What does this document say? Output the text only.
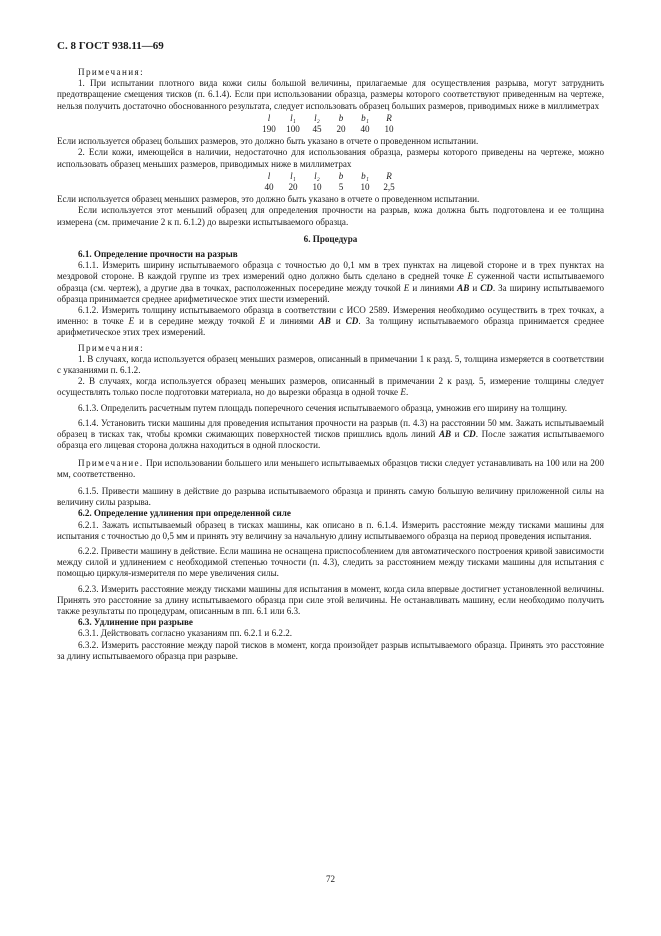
С. 8 ГОСТ 938.11—69

Примечания:

1. При испытании плотного вида кожи силы большой величины, прилагаемые для осуществления разрыва, могут затруднить предотвращение смещения тисков (п. 6.1.4). Если при использовании образца, размеры которого соответствуют приведенным на чертеже, нельзя получить достаточно обоснованного результата, следует использовать образец больших размеров, приводимых ниже в миллиметрах

l	l₁	l₂	b	b₁	R
190	100	45	20	40	10

Если используется образец больших размеров, это должно быть указано в отчете о проведенном испытании.

2. Если кожи, имеющейся в наличии, недостаточно для использования образца, размеры которого приведены на чертеже, можно использовать образец меньших размеров, приводимых ниже в миллиметрах

l	l₁	l₂	b	b₁	R
40	20	10	5	10	2,5

Если используется образец меньших размеров, это должно быть указано в отчете о проведенном испытании.

Если используется этот меньший образец для определения прочности на разрыв, кожа должна быть подготовлена и ее толщина измерена (см. примечание 2 к п. 6.1.2) до вырезки испытываемого образца.

6. Процедура

6.1. Определение прочности на разрыв

6.1.1. Измерить ширину испытываемого образца с точностью до 0,1 мм в трех пунктах на лицевой стороне и в трех пунктах на мездровой стороне. В каждой группе из трех измерений одно должно быть сделано в средней точке E суженной части испытываемого образца (см. чертеж), а другие два в точках, расположенных посередине между точкой E и линиями AB и CD. За ширину испытываемого образца принимается среднее арифметическое этих шести измерений.

6.1.2. Измерить толщину испытываемого образца в соответствии с ИСО 2589. Измерения необходимо осуществить в трех точках, а именно: в точке E и в середине между точкой E и линиями AB и CD. За толщину испытываемого образца принимается среднее арифметическое этих трех измерений.

Примечания:

1. В случаях, когда используется образец меньших размеров, описанный в примечании 1 к разд. 5, толщина измеряется в соответствии с указаниями п. 6.1.2.

2. В случаях, когда используется образец меньших размеров, описанный в примечании 2 к разд. 5, измерение толщины следует осуществлять только после подготовки материала, но до вырезки образца в одной точке E.

6.1.3. Определить расчетным путем площадь поперечного сечения испытываемого образца, умножив его ширину на толщину.

6.1.4. Установить тиски машины для проведения испытания прочности на разрыв (п. 4.3) на расстоянии 50 мм. Зажать испытываемый образец в тисках так, чтобы кромки сжимающих поверхностей тисков пришлись вдоль линий AB и CD. После зажатия испытываемого образца его лицевая сторона должна находиться в одной плоскости.

Примечание. При использовании большего или меньшего испытываемых образцов тиски следует устанавливать на 100 или на 200 мм, соответственно.

6.1.5. Привести машину в действие до разрыва испытываемого образца и принять самую большую величину приложенной силы на величину силы разрыва.

6.2. Определение удлинения при определенной силе

6.2.1. Зажать испытываемый образец в тисках машины, как описано в п. 6.1.4. Измерить расстояние между тисками машины для испытания с точностью до 0,5 мм и принять эту величину за начальную длину испытываемого образца на период проведения испытания.

6.2.2. Привести машину в действие. Если машина не оснащена приспособлением для автоматического построения кривой зависимости между силой и удлинением с необходимой степенью точности (п. 4.3), следить за расстоянием между тисками машины для испытания с помощью циркуля-измерителя по мере увеличения силы.

6.2.3. Измерить расстояние между тисками машины для испытания в момент, когда сила впервые достигнет установленной величины. Принять это расстояние за длину испытываемого образца при силе этой величины. Не останавливать машину, если необходимо получить также результаты по процедурам, описанным в пп. 6.1 или 6.3.

6.3. Удлинение при разрыве

6.3.1. Действовать согласно указаниям пп. 6.2.1 и 6.2.2.

6.3.2. Измерить расстояние между парой тисков в момент, когда произойдет разрыв испытываемого образца. Принять это расстояние за длину испытываемого образца при разрыве.

72
